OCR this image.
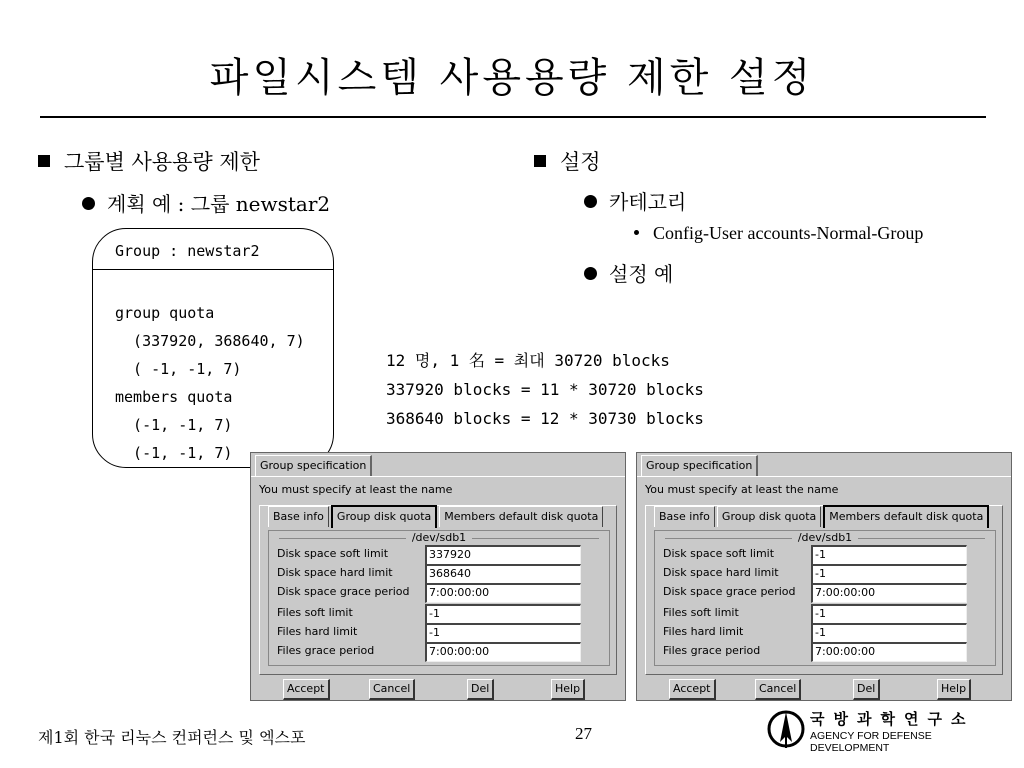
파일시스템 사용용량 제한 설정
그룹별 사용용량 제한
계획 예 : 그룹 newstar2
Group : newstar2
group quota
(337920, 368640, 7)
( -1, -1, 7)
members quota
(-1, -1, 7)
(-1, -1, 7)
설정
카테고리
Config-User accounts-Normal-Group
설정 예
12 명, 1 名 = 최대 30720 blocks
337920 blocks = 11 * 30720 blocks
368640 blocks = 12 * 30730 blocks
Group specification
You must specify at least the name
Base info	Group disk quota	Members default disk quota
/dev/sdb1
Disk space soft limit	337920
Disk space hard limit	368640
Disk space grace period	7:00:00:00
Files soft limit	-1
Files hard limit	-1
Files grace period	7:00:00:00
Accept	Cancel	Del	Help
Group specification
You must specify at least the name
Base info	Group disk quota	Members default disk quota
/dev/sdb1
Disk space soft limit	-1
Disk space hard limit	-1
Disk space grace period	7:00:00:00
Files soft limit	-1
Files hard limit	-1
Files grace period	7:00:00:00
Accept	Cancel	Del	Help
제1회 한국 리눅스 컨퍼런스 및 엑스포	27
국방과학연구소
AGENCY FOR DEFENSE DEVELOPMENT
